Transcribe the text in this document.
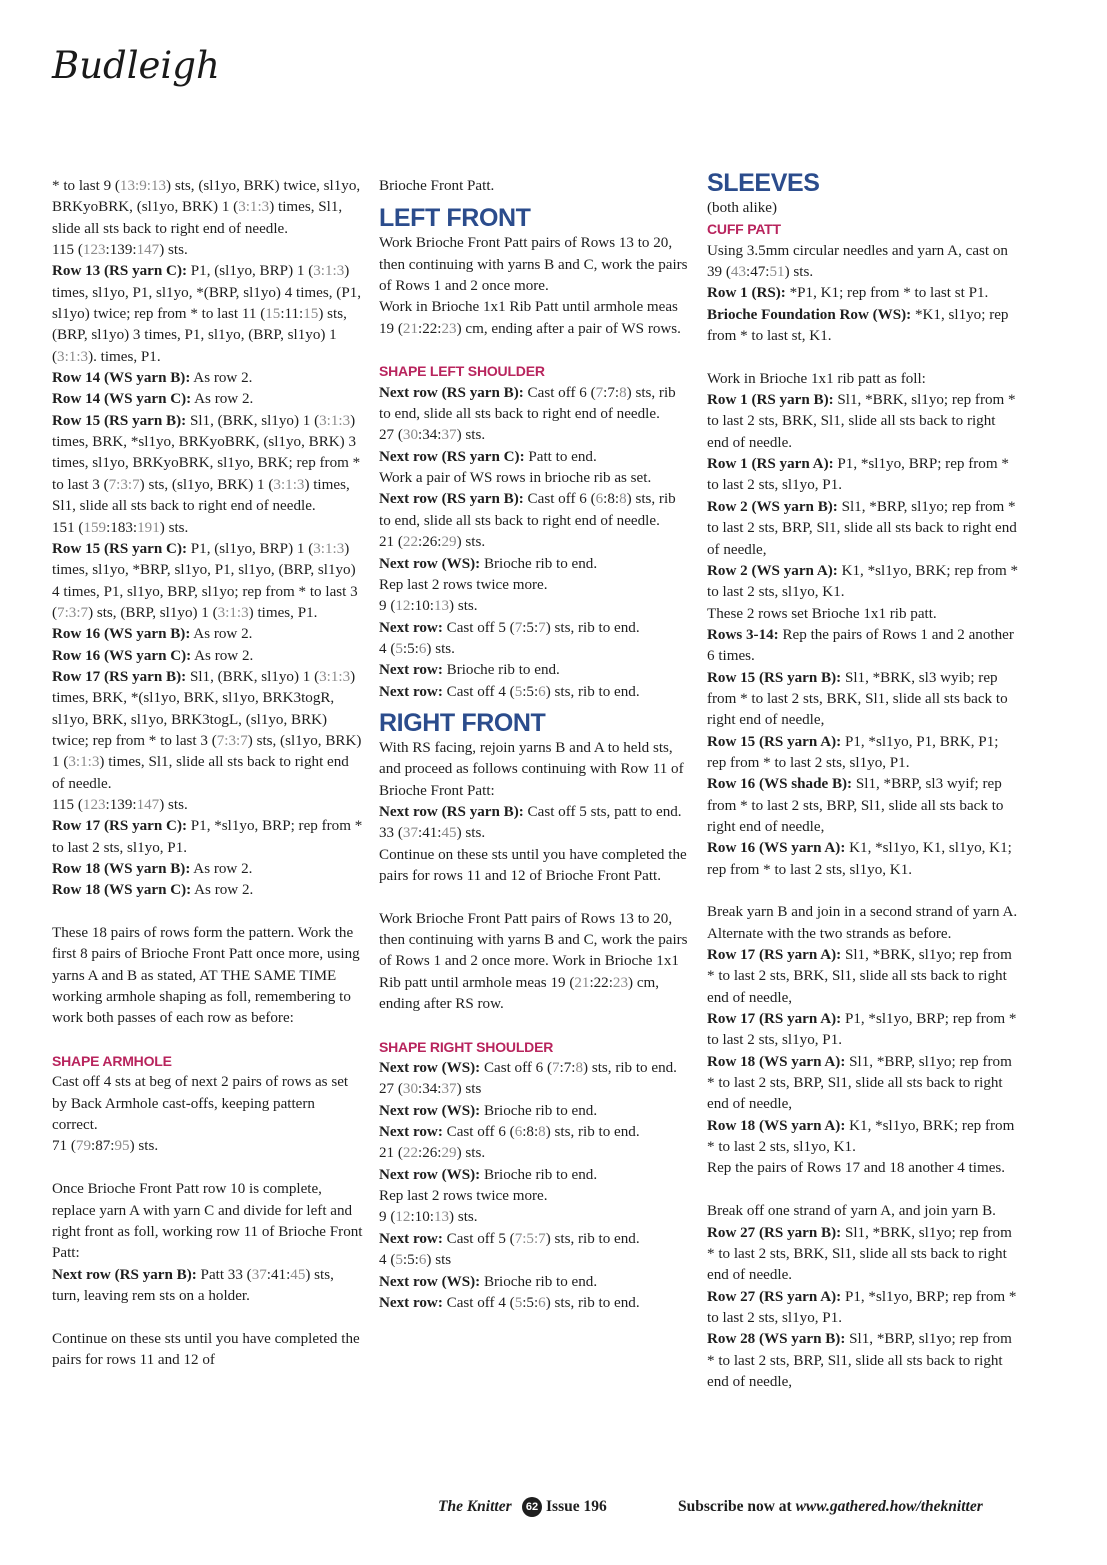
Budleigh

* to last 9 (13:9:13) sts, (sl1yo, BRK) twice, sl1yo, BRKyoBRK, (sl1yo, BRK) 1 (3:1:3) times, Sl1, slide all sts back to right end of needle.

115 (123:139:147) sts.

Row 13 (RS yarn C): P1, (sl1yo, BRP) 1 (3:1:3) times, sl1yo, P1, sl1yo, *(BRP, sl1yo) 4 times, (P1, sl1yo) twice; rep from * to last 11 (15:11:15) sts, (BRP, sl1yo) 3 times, P1, sl1yo, (BRP, sl1yo) 1 (3:1:3). times, P1.

Row 14 (WS yarn B): As row 2.

Row 14 (WS yarn C): As row 2.

Row 15 (RS yarn B): Sl1, (BRK, sl1yo) 1 (3:1:3) times, BRK, *sl1yo, BRKyoBRK, (sl1yo, BRK) 3 times, sl1yo, BRKyoBRK, sl1yo, BRK; rep from * to last 3 (7:3:7) sts, (sl1yo, BRK) 1 (3:1:3) times, Sl1, slide all sts back to right end of needle.

151 (159:183:191) sts.

Row 15 (RS yarn C): P1, (sl1yo, BRP) 1 (3:1:3) times, sl1yo, *BRP, sl1yo, P1, sl1yo, (BRP, sl1yo) 4 times, P1, sl1yo, BRP, sl1yo; rep from * to last 3 (7:3:7) sts, (BRP, sl1yo) 1 (3:1:3) times, P1.

Row 16 (WS yarn B): As row 2.

Row 16 (WS yarn C): As row 2.

Row 17 (RS yarn B): Sl1, (BRK, sl1yo) 1 (3:1:3) times, BRK, *(sl1yo, BRK, sl1yo, BRK3togR, sl1yo, BRK, sl1yo, BRK3togL, (sl1yo, BRK) twice; rep from * to last 3 (7:3:7) sts, (sl1yo, BRK) 1 (3:1:3) times, Sl1, slide all sts back to right end of needle.

115 (123:139:147) sts.

Row 17 (RS yarn C): P1, *sl1yo, BRP; rep from * to last 2 sts, sl1yo, P1.

Row 18 (WS yarn B): As row 2.

Row 18 (WS yarn C): As row 2.

These 18 pairs of rows form the pattern. Work the first 8 pairs of Brioche Front Patt once more, using yarns A and B as stated, AT THE SAME TIME working armhole shaping as foll, remembering to work both passes of each row as before:

SHAPE ARMHOLE

Cast off 4 sts at beg of next 2 pairs of rows as set by Back Armhole cast-offs, keeping pattern correct.

71 (79:87:95) sts.

Once Brioche Front Patt row 10 is complete, replace yarn A with yarn C and divide for left and right front as foll, working row 11 of Brioche Front Patt:

Next row (RS yarn B): Patt 33 (37:41:45) sts, turn, leaving rem sts on a holder.

Continue on these sts until you have completed the pairs for rows 11 and 12 of

Brioche Front Patt.

LEFT FRONT

Work Brioche Front Patt pairs of Rows 13 to 20, then continuing with yarns B and C, work the pairs of Rows 1 and 2 once more.

Work in Brioche 1x1 Rib Patt until armhole meas 19 (21:22:23) cm, ending after a pair of WS rows.

SHAPE LEFT SHOULDER

Next row (RS yarn B): Cast off 6 (7:7:8) sts, rib to end, slide all sts back to right end of needle.

27 (30:34:37) sts.

Next row (RS yarn C): Patt to end.

Work a pair of WS rows in brioche rib as set.

Next row (RS yarn B): Cast off 6 (6:8:8) sts, rib to end, slide all sts back to right end of needle.

21 (22:26:29) sts.

Next row (WS): Brioche rib to end.

Rep last 2 rows twice more.

9 (12:10:13) sts.

Next row: Cast off 5 (7:5:7) sts, rib to end.

4 (5:5:6) sts.

Next row: Brioche rib to end.

Next row: Cast off 4 (5:5:6) sts, rib to end.

RIGHT FRONT

With RS facing, rejoin yarns B and A to held sts, and proceed as follows continuing with Row 11 of Brioche Front Patt:

Next row (RS yarn B): Cast off 5 sts, patt to end.

33 (37:41:45) sts.

Continue on these sts until you have completed the pairs for rows 11 and 12 of Brioche Front Patt.

Work Brioche Front Patt pairs of Rows 13 to 20, then continuing with yarns B and C, work the pairs of Rows 1 and 2 once more. Work in Brioche 1x1 Rib patt until armhole meas 19 (21:22:23) cm, ending after RS row.

SHAPE RIGHT SHOULDER

Next row (WS): Cast off 6 (7:7:8) sts, rib to end.

27 (30:34:37) sts

Next row (WS): Brioche rib to end.

Next row: Cast off 6 (6:8:8) sts, rib to end.

21 (22:26:29) sts.

Next row (WS): Brioche rib to end.

Rep last 2 rows twice more.

9 (12:10:13) sts.

Next row: Cast off 5 (7:5:7) sts, rib to end.

4 (5:5:6) sts

Next row (WS): Brioche rib to end.

Next row: Cast off 4 (5:5:6) sts, rib to end.

SLEEVES

(both alike)

CUFF PATT

Using 3.5mm circular needles and yarn A, cast on 39 (43:47:51) sts.

Row 1 (RS): *P1, K1; rep from * to last st P1.

Brioche Foundation Row (WS): *K1, sl1yo; rep from * to last st, K1.

Work in Brioche 1x1 rib patt as foll:

Row 1 (RS yarn B): Sl1, *BRK, sl1yo; rep from * to last 2 sts, BRK, Sl1, slide all sts back to right end of needle.

Row 1 (RS yarn A): P1, *sl1yo, BRP; rep from * to last 2 sts, sl1yo, P1.

Row 2 (WS yarn B): Sl1, *BRP, sl1yo; rep from * to last 2 sts, BRP, Sl1, slide all sts back to right end of needle,

Row 2 (WS yarn A): K1, *sl1yo, BRK; rep from * to last 2 sts, sl1yo, K1.

These 2 rows set Brioche 1x1 rib patt.

Rows 3-14: Rep the pairs of Rows 1 and 2 another 6 times.

Row 15 (RS yarn B): Sl1, *BRK, sl3 wyib; rep from * to last 2 sts, BRK, Sl1, slide all sts back to right end of needle,

Row 15 (RS yarn A): P1, *sl1yo, P1, BRK, P1; rep from * to last 2 sts, sl1yo, P1.

Row 16 (WS shade B): Sl1, *BRP, sl3 wyif; rep from * to last 2 sts, BRP, Sl1, slide all sts back to right end of needle,

Row 16 (WS yarn A): K1, *sl1yo, K1, sl1yo, K1; rep from * to last 2 sts, sl1yo, K1.

Break yarn B and join in a second strand of yarn A. Alternate with the two strands as before.

Row 17 (RS yarn A): Sl1, *BRK, sl1yo; rep from * to last 2 sts, BRK, Sl1, slide all sts back to right end of needle,

Row 17 (RS yarn A): P1, *sl1yo, BRP; rep from * to last 2 sts, sl1yo, P1.

Row 18 (WS yarn A): Sl1, *BRP, sl1yo; rep from * to last 2 sts, BRP, Sl1, slide all sts back to right end of needle,

Row 18 (WS yarn A): K1, *sl1yo, BRK; rep from * to last 2 sts, sl1yo, K1.

Rep the pairs of Rows 17 and 18 another 4 times.

Break off one strand of yarn A, and join yarn B.

Row 27 (RS yarn B): Sl1, *BRK, sl1yo; rep from * to last 2 sts, BRK, Sl1, slide all sts back to right end of needle.

Row 27 (RS yarn A): P1, *sl1yo, BRP; rep from * to last 2 sts, sl1yo, P1.

Row 28 (WS yarn B): Sl1, *BRP, sl1yo; rep from * to last 2 sts, BRP, Sl1, slide all sts back to right end of needle,

The Knitter	62 Issue 196	Subscribe now at www.gathered.how/theknitter
